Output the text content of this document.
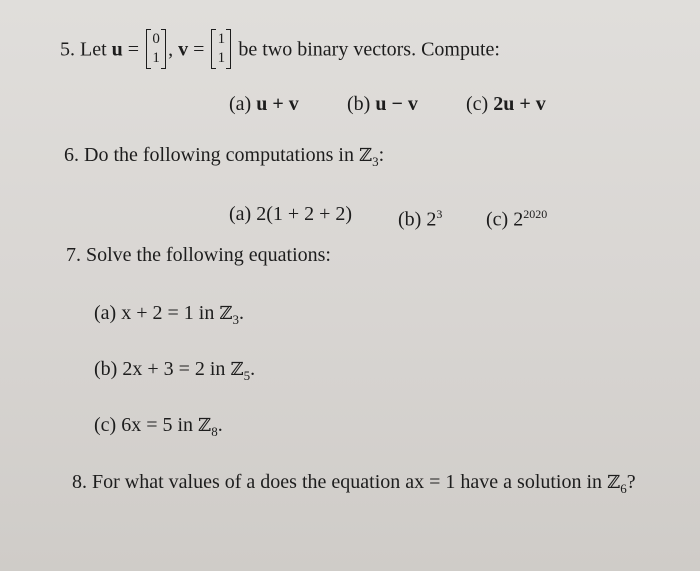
5. Let u = 0
1 , v = 1
1 be two binary vectors. Compute:
(a) u + v (b) u − v (c) 2u + v
6. Do the following computations in ℤ$_3$:
(a) 2(1 + 2 + 2) (b) $2^3$ (c) $2^{2020}$
7. Solve the following equations:
(a) x + 2 = 1 in ℤ$_3$.
(b) 2x + 3 = 2 in ℤ$_5$.
(c) 6x = 5 in ℤ$_8$.
8. For what values of a does the equation ax = 1 have a solution in ℤ$_6$?
